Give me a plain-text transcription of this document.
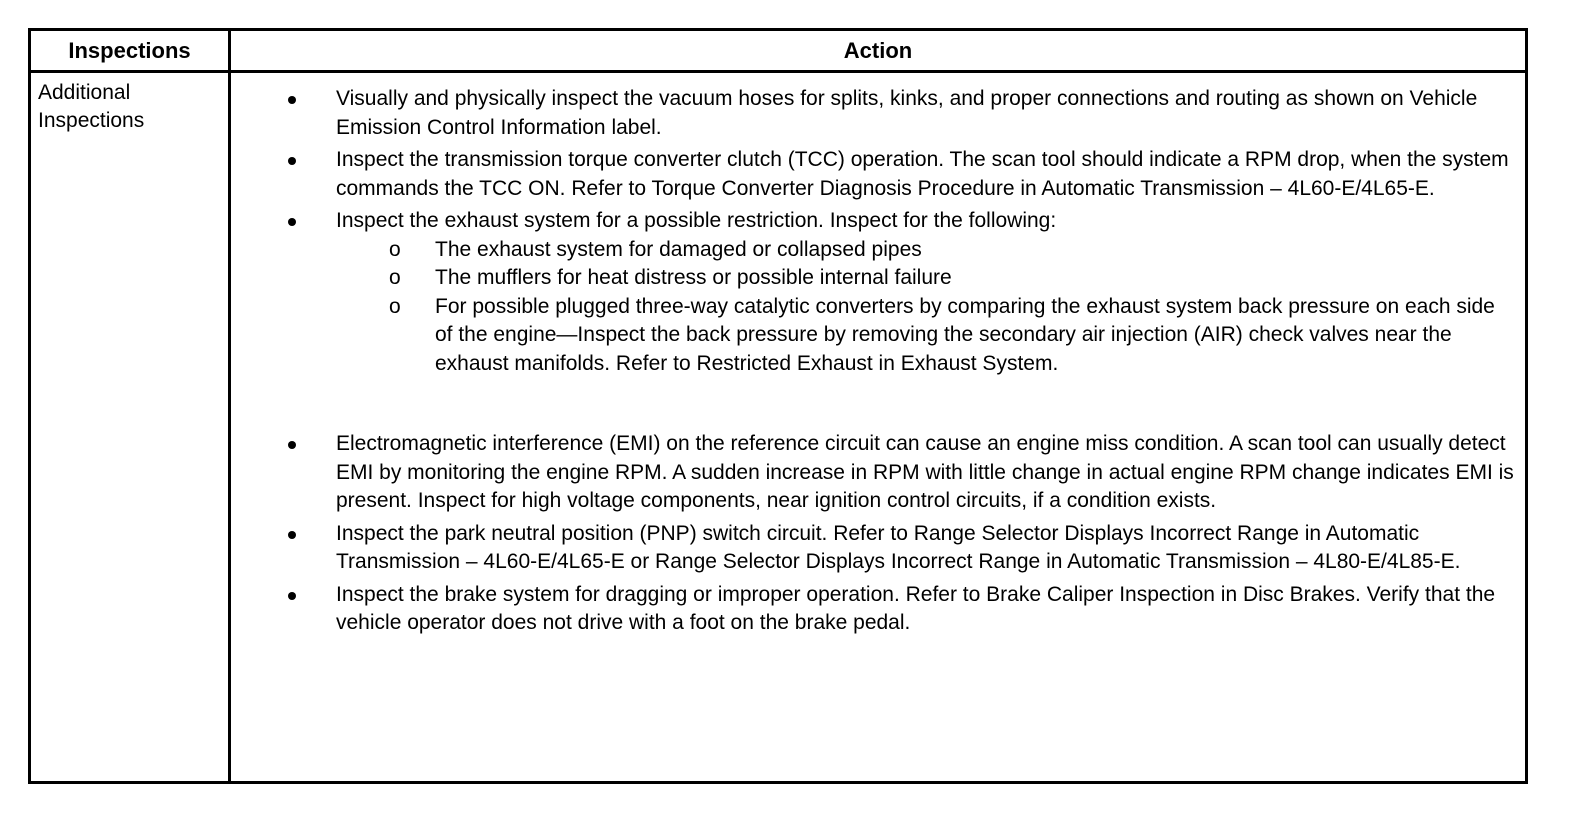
Inspections	Action
Additional
Inspections
Visually and physically inspect the vacuum hoses for splits, kinks, and proper connections and routing as shown on Vehicle Emission Control Information label.
Inspect the transmission torque converter clutch (TCC) operation. The scan tool should indicate a RPM drop, when the system commands the TCC ON. Refer to Torque Converter Diagnosis Procedure in Automatic Transmission – 4L60-E/4L65-E.
Inspect the exhaust system for a possible restriction. Inspect for the following:
o The exhaust system for damaged or collapsed pipes
o The mufflers for heat distress or possible internal failure
o For possible plugged three-way catalytic converters by comparing the exhaust system back pressure on each side of the engine—Inspect the back pressure by removing the secondary air injection (AIR) check valves near the exhaust manifolds. Refer to Restricted Exhaust in Exhaust System.
Electromagnetic interference (EMI) on the reference circuit can cause an engine miss condition. A scan tool can usually detect EMI by monitoring the engine RPM. A sudden increase in RPM with little change in actual engine RPM change indicates EMI is present. Inspect for high voltage components, near ignition control circuits, if a condition exists.
Inspect the park neutral position (PNP) switch circuit. Refer to Range Selector Displays Incorrect Range in Automatic Transmission – 4L60-E/4L65-E or Range Selector Displays Incorrect Range in Automatic Transmission – 4L80-E/4L85-E.
Inspect the brake system for dragging or improper operation. Refer to Brake Caliper Inspection in Disc Brakes. Verify that the vehicle operator does not drive with a foot on the brake pedal.
